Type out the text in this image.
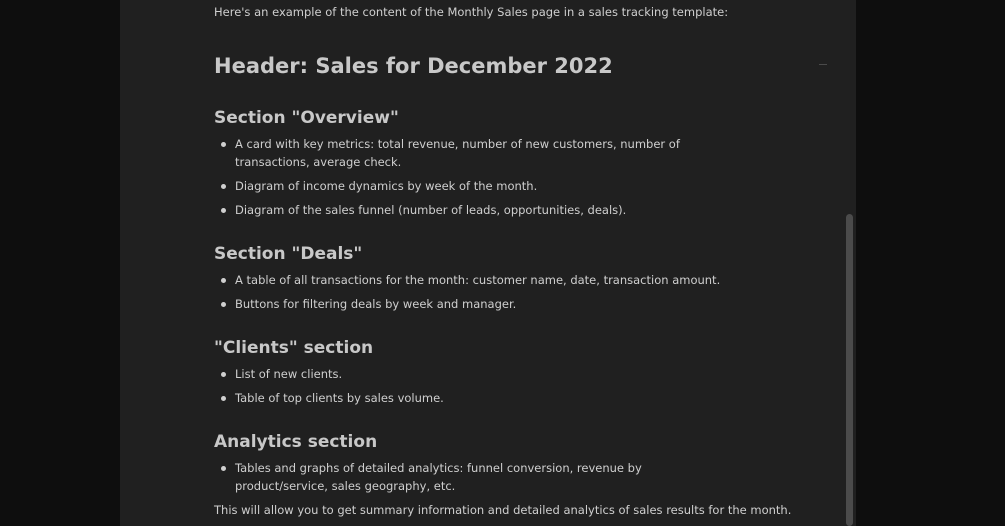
Here's an example of the content of the Monthly Sales page in a sales tracking template:
Header: Sales for December 2022
Section "Overview"
A card with key metrics: total revenue, number of new customers, number of transactions, average check.
Diagram of income dynamics by week of the month.
Diagram of the sales funnel (number of leads, opportunities, deals).
Section "Deals"
A table of all transactions for the month: customer name, date, transaction amount.
Buttons for filtering deals by week and manager.
"Clients" section
List of new clients.
Table of top clients by sales volume.
Analytics section
Tables and graphs of detailed analytics: funnel conversion, revenue by product/service, sales geography, etc.
This will allow you to get summary information and detailed analytics of sales results for the month.
